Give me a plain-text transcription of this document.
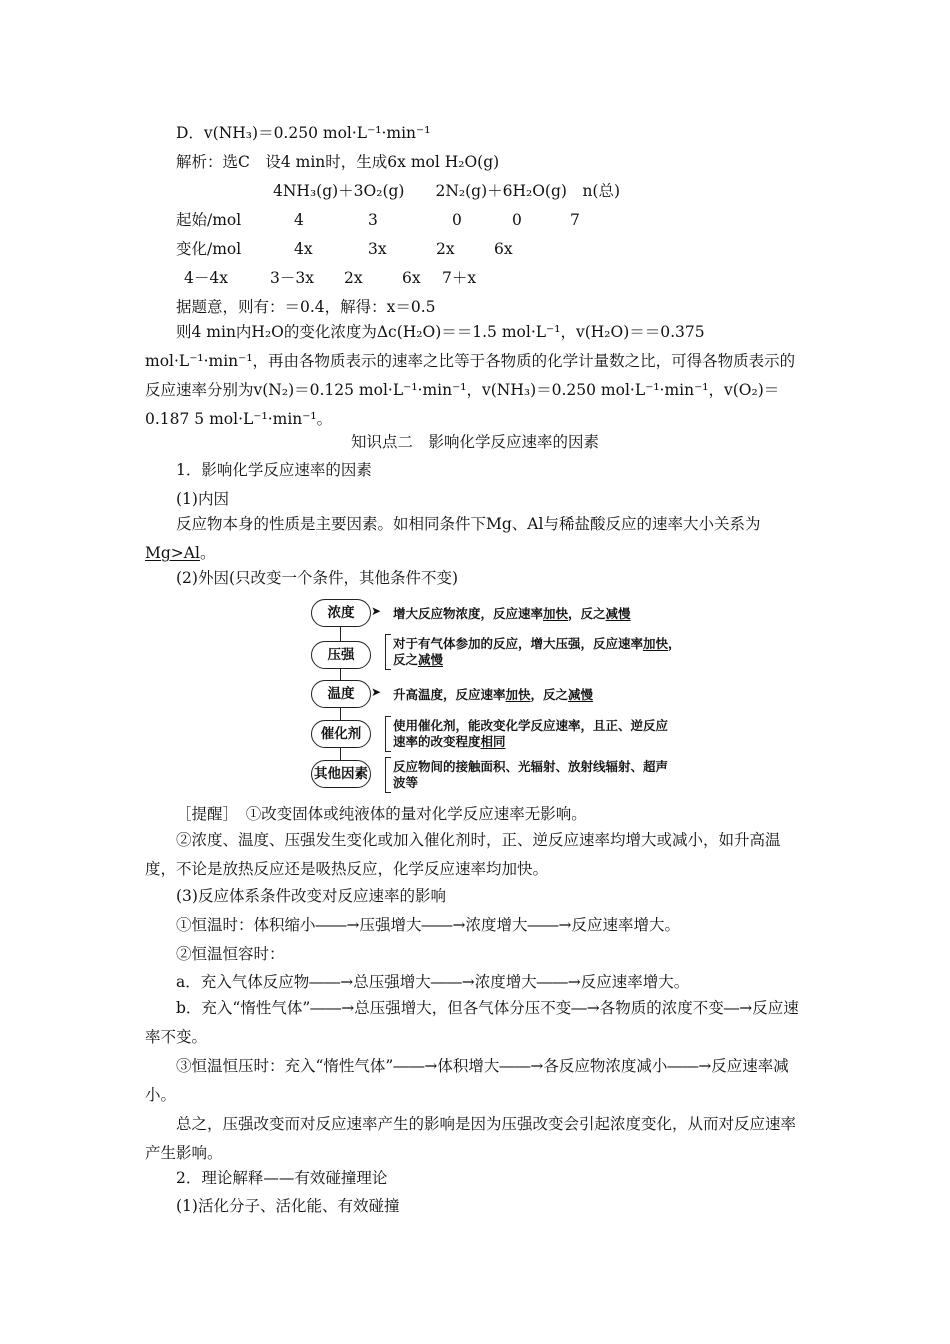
D．v(NH₃)＝0.250 mol·L⁻¹·min⁻¹
解析：选C　设4 min时，生成6x mol H₂O(g)
4NH₃(g)＋3O₂(g)　　2N₂(g)＋6H₂O(g)　n(总)
起始/mol	4	3	0	0	7
变化/mol	4x	3x	2x	6x
4－4x	3－3x 2x	6x 7＋x
据题意，则有：＝0.4，解得：x＝0.5
则4 min内H₂O的变化浓度为Δc(H₂O)＝＝1.5 mol·L⁻¹，v(H₂O)＝＝0.375 mol·L⁻¹·min⁻¹，再由各物质表示的速率之比等于各物质的化学计量数之比，可得各物质表示的反应速率分别为v(N₂)＝0.125 mol·L⁻¹·min⁻¹，v(NH₃)＝0.250 mol·L⁻¹·min⁻¹，v(O₂)＝0.187 5 mol·L⁻¹·min⁻¹。
知识点二　影响化学反应速率的因素
1．影响化学反应速率的因素
(1)内因
反应物本身的性质是主要因素。如相同条件下Mg、Al与稀盐酸反应的速率大小关系为Mg>Al。
(2)外因(只改变一个条件，其他条件不变)
浓度	➤ 增大反应物浓度，反应速率加快，反之减慢
压强
对于有气体参加的反应，增大压强，反应速率加快，
反之减慢
温度	➤ 升高温度，反应速率加快，反之减慢
催化剂
使用催化剂，能改变化学反应速率，且正、逆反应
速率的改变程度相同
其他因素 反应物间的接触面积、光辐射、放射线辐射、超声
波等
［提醒］　①改变固体或纯液体的量对化学反应速率无影响。
②浓度、温度、压强发生变化或加入催化剂时，正、逆反应速率均增大或减小，如升高温度，不论是放热反应还是吸热反应，化学反应速率均加快。
(3)反应体系条件改变对反应速率的影响
①恒温时：体积缩小――→压强增大――→浓度增大――→反应速率增大。
②恒温恒容时：
a．充入气体反应物――→总压强增大――→浓度增大――→反应速率增大。
b．充入“惰性气体”――→总压强增大，但各气体分压不变―→各物质的浓度不变―→反应速率不变。
③恒温恒压时：充入“惰性气体”――→体积增大――→各反应物浓度减小――→反应速率减小。
总之，压强改变而对反应速率产生的影响是因为压强改变会引起浓度变化，从而对反应速率产生影响。
2．理论解释——有效碰撞理论
(1)活化分子、活化能、有效碰撞
